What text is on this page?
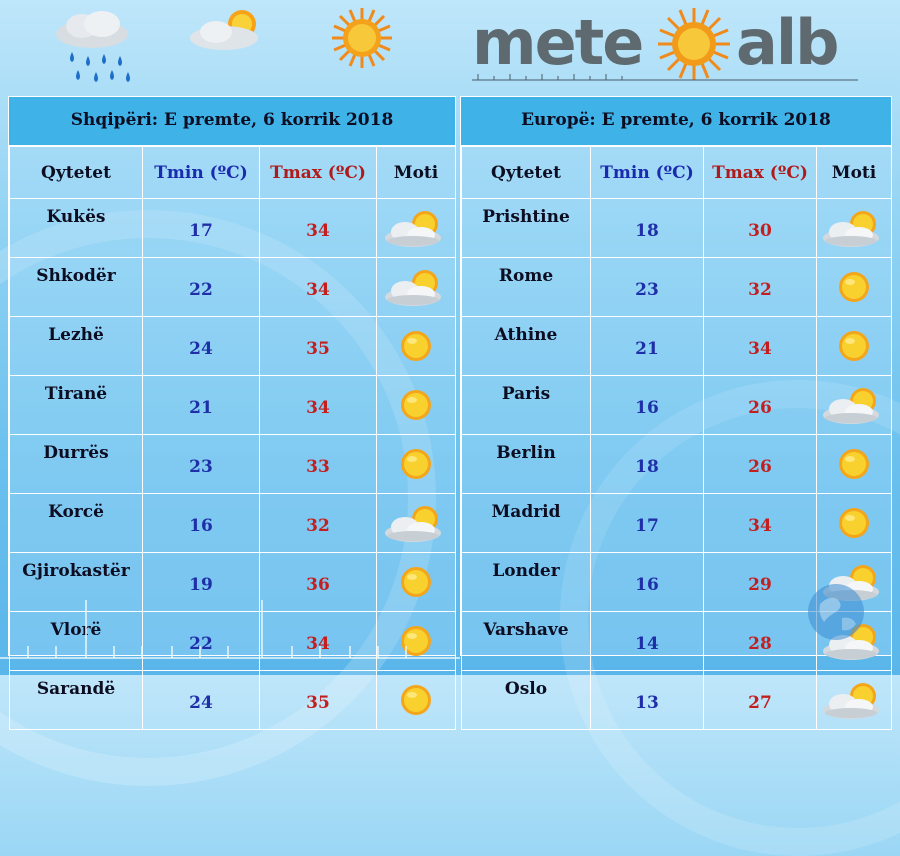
mete alb
Shqipëri: E premte, 6 korrik 2018
Qytetet	Tmin (ºC)	Tmax (ºC)	Moti
Kukës	17	34	
Shkodër	22	34	
Lezhë	24	35	
Tiranë	21	34	
Durrës	23	33	
Korcë	16	32	
Gjirokastër	19	36	
Vlorë	22	34	
Sarandë	24	35	
Europë: E premte, 6 korrik 2018
Qytetet	Tmin (ºC)	Tmax (ºC)	Moti
Prishtine	18	30	
Rome	23	32	
Athine	21	34	
Paris	16	26	
Berlin	18	26	
Madrid	17	34	
Londer	16	29	
Varshave	14	28	
Oslo	13	27	
